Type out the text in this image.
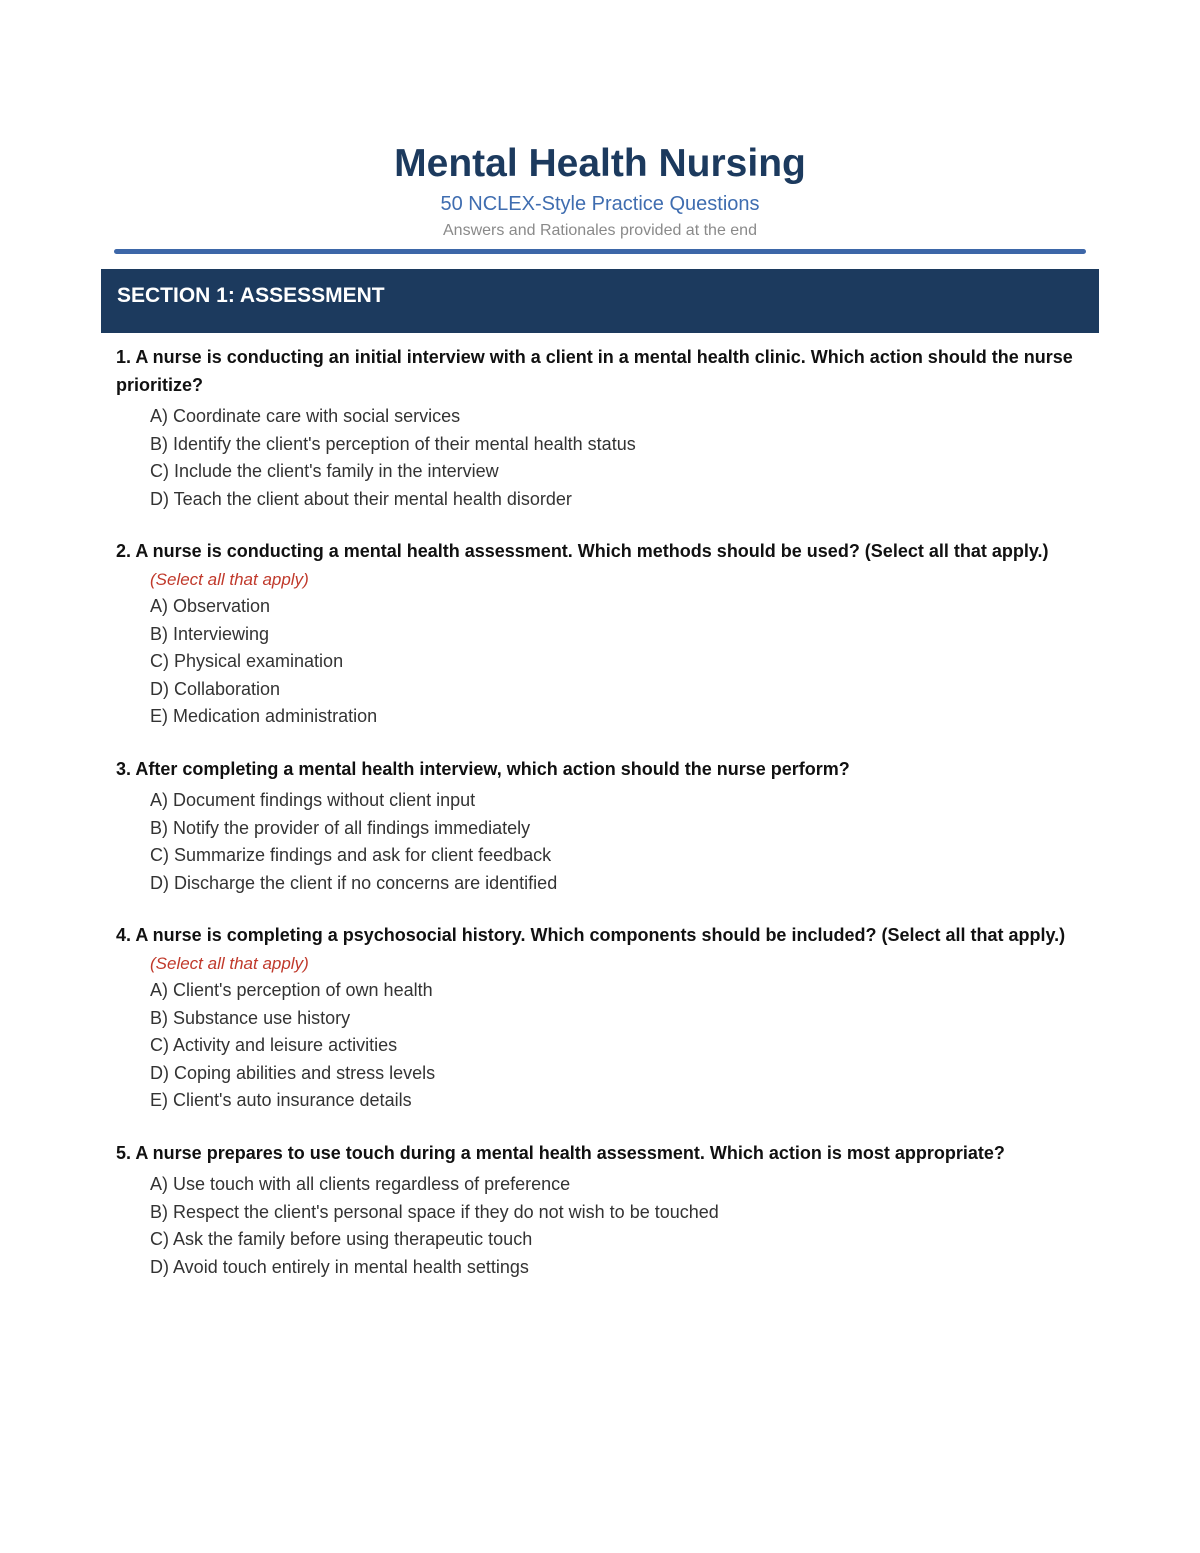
Mental Health Nursing
50 NCLEX-Style Practice Questions
Answers and Rationales provided at the end
SECTION 1: ASSESSMENT
1. A nurse is conducting an initial interview with a client in a mental health clinic. Which action should the nurse prioritize?
A) Coordinate care with social services
B) Identify the client's perception of their mental health status
C) Include the client's family in the interview
D) Teach the client about their mental health disorder
2. A nurse is conducting a mental health assessment. Which methods should be used? (Select all that apply.)
(Select all that apply)
A) Observation
B) Interviewing
C) Physical examination
D) Collaboration
E) Medication administration
3. After completing a mental health interview, which action should the nurse perform?
A) Document findings without client input
B) Notify the provider of all findings immediately
C) Summarize findings and ask for client feedback
D) Discharge the client if no concerns are identified
4. A nurse is completing a psychosocial history. Which components should be included? (Select all that apply.)
(Select all that apply)
A) Client's perception of own health
B) Substance use history
C) Activity and leisure activities
D) Coping abilities and stress levels
E) Client's auto insurance details
5. A nurse prepares to use touch during a mental health assessment. Which action is most appropriate?
A) Use touch with all clients regardless of preference
B) Respect the client's personal space if they do not wish to be touched
C) Ask the family before using therapeutic touch
D) Avoid touch entirely in mental health settings
